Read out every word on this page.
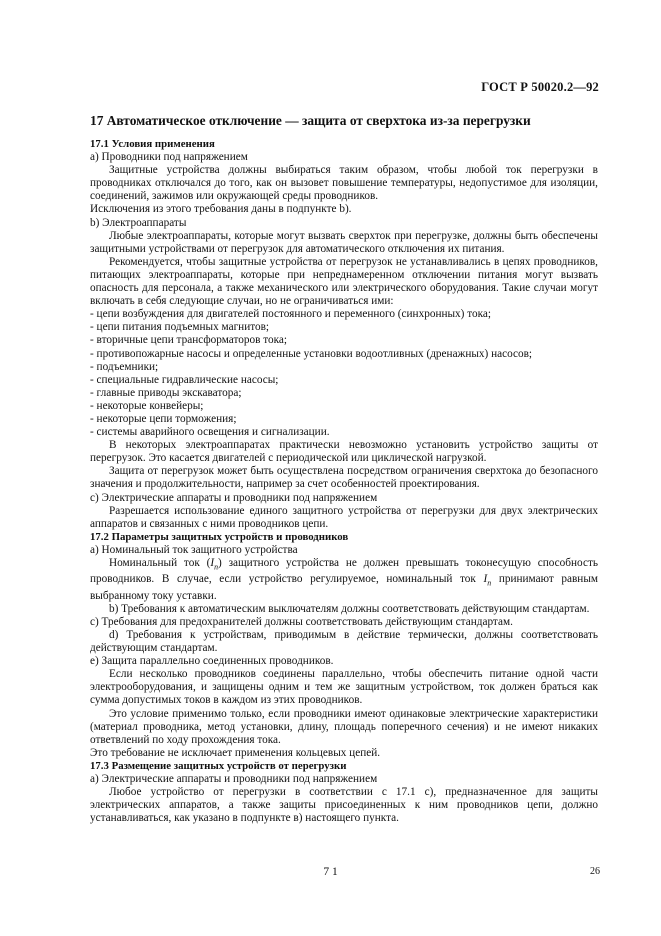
ГОСТ Р 50020.2—92
17 Автоматическое отключение — защита от сверхтока из-за перегрузки

17.1 Условия применения

а) Проводники под напряжением

Защитные устройства должны выбираться таким образом, чтобы любой ток перегрузки в проводниках отключался до того, как он вызовет повышение температуры, недопустимое для изоляции, соединений, зажимов или окружающей среды проводников.

Исключения из этого требования даны в подпункте b).

b) Электроаппараты

Любые электроаппараты, которые могут вызвать сверхток при перегрузке, должны быть обеспечены защитными устройствами от перегрузок для автоматического отключения их питания.

Рекомендуется, чтобы защитные устройства от перегрузок не устанавливались в цепях проводников, питающих электроаппараты, которые при непреднамеренном отключении питания могут вызвать опасность для персонала, а также механического или электрического оборудования. Такие случаи могут включать в себя следующие случаи, но не ограничиваться ими:

- цепи возбуждения для двигателей постоянного и переменного (синхронных) тока;

- цепи питания подъемных магнитов;

- вторичные цепи трансформаторов тока;

- противопожарные насосы и определенные установки водоотливных (дренажных) насосов;

- подъемники;

- специальные гидравлические насосы;

- главные приводы экскаватора;

- некоторые конвейеры;

- некоторые цепи торможения;

- системы аварийного освещения и сигнализации.

В некоторых электроаппаратах практически невозможно установить устройство защиты от перегрузок. Это касается двигателей с периодической или циклической нагрузкой.

Защита от перегрузок может быть осуществлена посредством ограничения сверхтока до безопасного значения и продолжительности, например за счет особенностей проектирования.

с) Электрические аппараты и проводники под напряжением

Разрешается использование единого защитного устройства от перегрузки для двух электрических аппаратов и связанных с ними проводников цепи.

17.2 Параметры защитных устройств и проводников

а) Номинальный ток защитного устройства

Номинальный ток $(I_n)$ защитного устройства не должен превышать токонесущую способность проводников. В случае, если устройство регулируемое, номинальный ток $I_n$ принимают равным выбранному току уставки.

b) Требования к автоматическим выключателям должны соответствовать действующим стандартам.

с) Требования для предохранителей должны соответствовать действующим стандартам.

d) Требования к устройствам, приводимым в действие термически, должны соответствовать действующим стандартам.

е) Защита параллельно соединенных проводников.

Если несколько проводников соединены параллельно, чтобы обеспечить питание одной части электрооборудования, и защищены одним и тем же защитным устройством, ток должен браться как сумма допустимых токов в каждом из этих проводников.

Это условие применимо только, если проводники имеют одинаковые электрические характеристики (материал проводника, метод установки, длину, площадь поперечного сечения) и не имеют никаких ответвлений по ходу прохождения тока.

Это требование не исключает применения кольцевых цепей.

17.3 Размещение защитных устройств от перегрузки

а) Электрические аппараты и проводники под напряжением

Любое устройство от перегрузки в соответствии с 17.1 с), предназначенное для защиты электрических аппаратов, а также защиты присоединенных к ним проводников цепи, должно устанавливаться, как указано в подпункте в) настоящего пункта.

7 1	26
